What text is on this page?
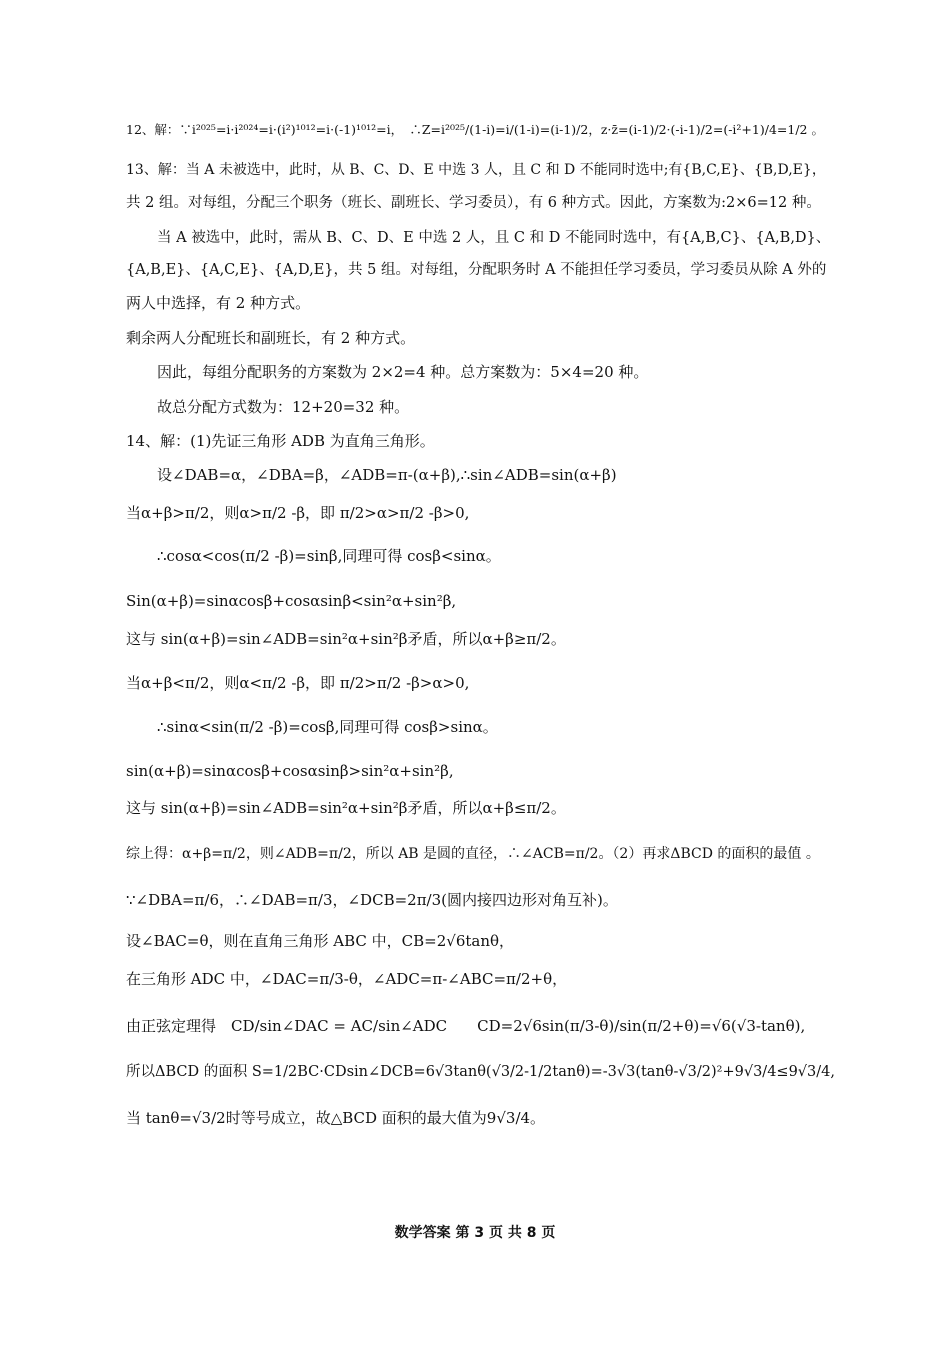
12、解：∵i²⁰²⁵=i·i²⁰²⁴=i·(i²)¹⁰¹²=i·(-1)¹⁰¹²=i，　∴Z=i²⁰²⁵/(1-i)=i/(1-i)=(i-1)/2，z·z̄=(i-1)/2·(-i-1)/2=(-i²+1)/4=1/2 。
13、解：当 A 未被选中，此时，从 B、C、D、E 中选 3 人，且 C 和 D 不能同时选中;有{B,C,E}、{B,D,E}，
共 2 组。对每组，分配三个职务（班长、副班长、学习委员），有 6 种方式。因此，方案数为:2×6=12 种。
当 A 被选中，此时，需从 B、C、D、E 中选 2 人，且 C 和 D 不能同时选中，有{A,B,C}、{A,B,D}、
{A,B,E}、{A,C,E}、{A,D,E}，共 5 组。对每组，分配职务时 A 不能担任学习委员，学习委员从除 A 外的
两人中选择，有 2 种方式。
剩余两人分配班长和副班长，有 2 种方式。
因此，每组分配职务的方案数为 2×2=4 种。总方案数为：5×4=20 种。
故总分配方式数为：12+20=32 种。
14、解：(1)先证三角形 ADB 为直角三角形。
设∠DAB=α，∠DBA=β，∠ADB=π-(α+β),∴sin∠ADB=sin(α+β)
当α+β>π/2，则α>π/2 -β，即 π/2>α>π/2 -β>0,
∴cosα<cos(π/2 -β)=sinβ,同理可得 cosβ<sinα。
Sin(α+β)=sinαcosβ+cosαsinβ<sin²α+sin²β,
这与 sin(α+β)=sin∠ADB=sin²α+sin²β矛盾，所以α+β≥π/2。
当α+β<π/2，则α<π/2 -β，即 π/2>π/2 -β>α>0,
∴sinα<sin(π/2 -β)=cosβ,同理可得 cosβ>sinα。
sin(α+β)=sinαcosβ+cosαsinβ>sin²α+sin²β,
这与 sin(α+β)=sin∠ADB=sin²α+sin²β矛盾，所以α+β≤π/2。
综上得：α+β=π/2，则∠ADB=π/2，所以 AB 是圆的直径，∴∠ACB=π/2。（2）再求ΔBCD 的面积的最值 。
∵∠DBA=π/6，∴∠DAB=π/3，∠DCB=2π/3(圆内接四边形对角互补)。
设∠BAC=θ，则在直角三角形 ABC 中，CB=2√6tanθ，
在三角形 ADC 中，∠DAC=π/3-θ，∠ADC=π-∠ABC=π/2+θ，
由正弦定理得　CD/sin∠DAC = AC/sin∠ADC　　CD=2√6sin(π/3-θ)/sin(π/2+θ)=√6(√3-tanθ),
所以ΔBCD 的面积 S=1/2BC·CDsin∠DCB=6√3tanθ(√3/2-1/2tanθ)=-3√3(tanθ-√3/2)²+9√3/4≤9√3/4,
当 tanθ=√3/2时等号成立，故△BCD 面积的最大值为9√3/4。
数学答案 第 3 页 共 8 页
